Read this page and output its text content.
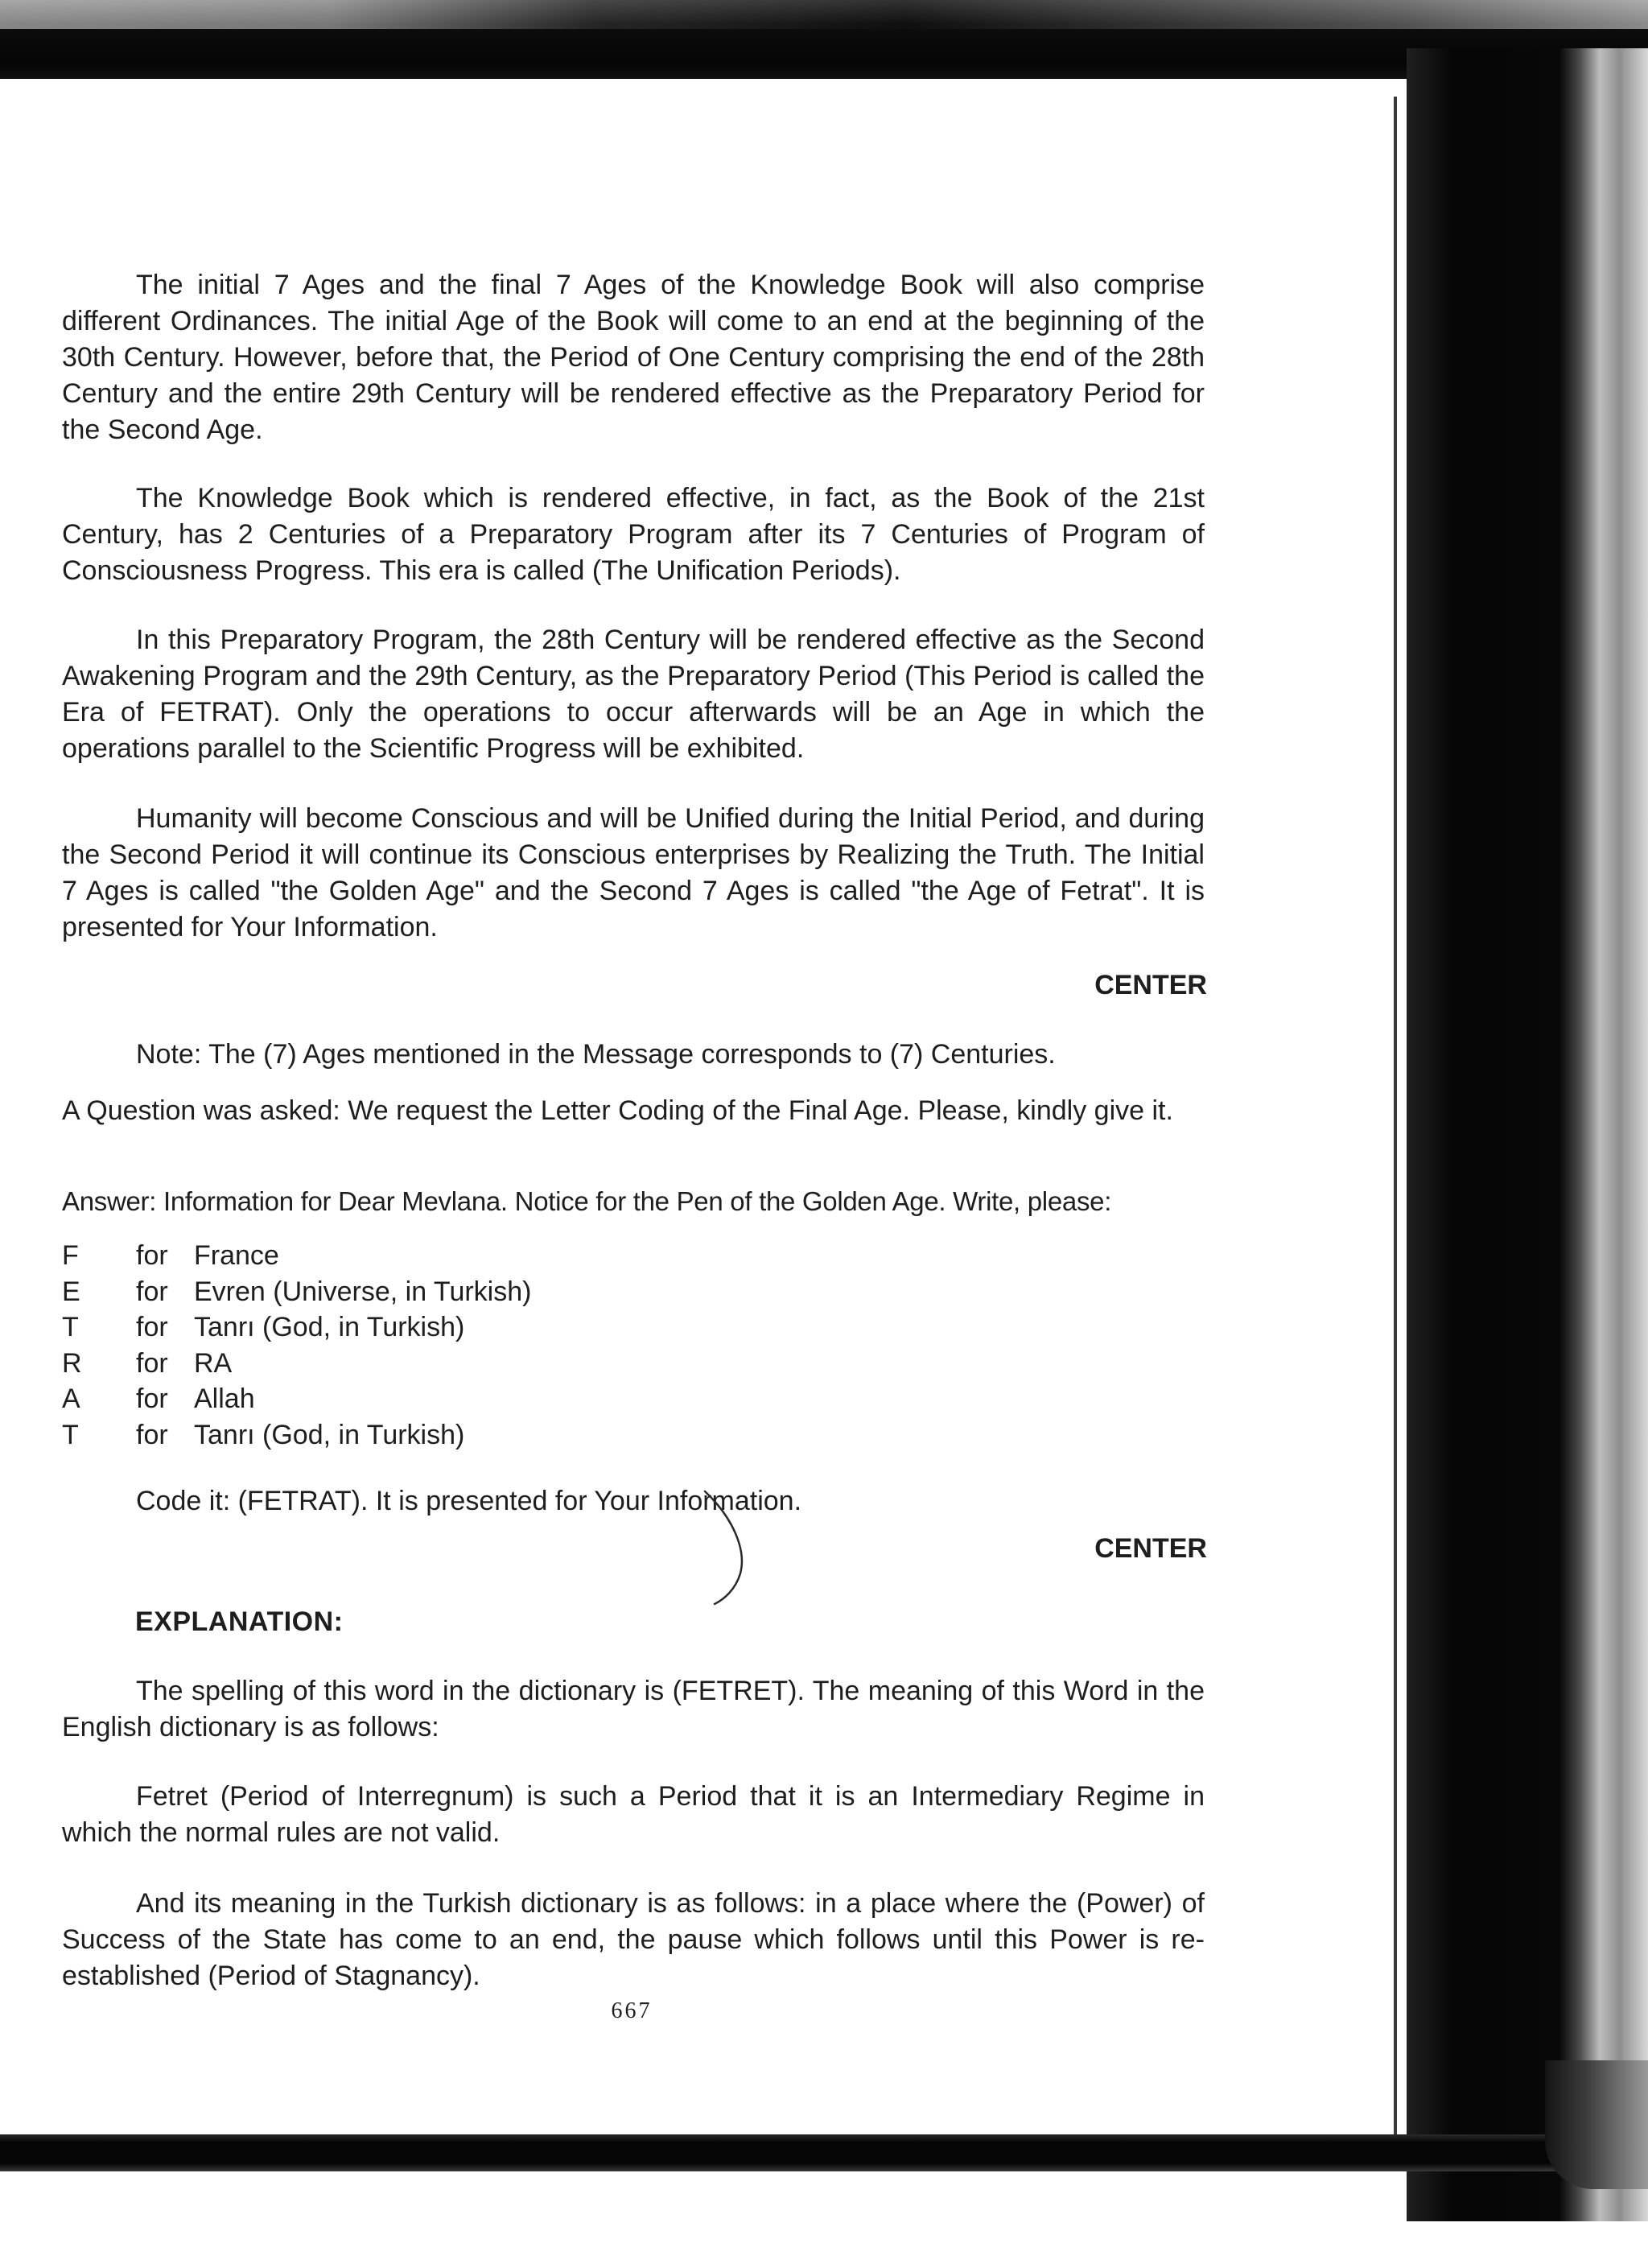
The initial 7 Ages and the final 7 Ages of the Knowledge Book will also comprise different Ordinances. The initial Age of the Book will come to an end at the beginning of the 30th Century. However, before that, the Period of One Century comprising the end of the 28th Century and the entire 29th Century will be rendered effective as the Preparatory Period for the Second Age.

The Knowledge Book which is rendered effective, in fact, as the Book of the 21st Century, has 2 Centuries of a Preparatory Program after its 7 Centuries of Program of Consciousness Progress. This era is called (The Unification Periods).

In this Preparatory Program, the 28th Century will be rendered effective as the Second Awakening Program and the 29th Century, as the Preparatory Period (This Period is called the Era of FETRAT). Only the operations to occur afterwards will be an Age in which the operations parallel to the Scientific Progress will be exhibited.

Humanity will become Conscious and will be Unified during the Initial Period, and during the Second Period it will continue its Conscious enterprises by Realizing the Truth. The Initial 7 Ages is called "the Golden Age" and the Second 7 Ages is called "the Age of Fetrat". It is presented for Your Information.

CENTER

Note: The (7) Ages mentioned in the Message corresponds to (7) Centuries.

A Question was asked: We request the Letter Coding of the Final Age. Please, kindly give it.

Answer: Information for Dear Mevlana. Notice for the Pen of the Golden Age. Write, please:

F	for France
E	for Evren (Universe, in Turkish)
T	for Tanrı (God, in Turkish)
R	for RA
A	for Allah
T	for Tanrı (God, in Turkish)

Code it: (FETRAT). It is presented for Your Information.

CENTER

EXPLANATION:

The spelling of this word in the dictionary is (FETRET). The meaning of this Word in the English dictionary is as follows:

Fetret (Period of Interregnum) is such a Period that it is an Intermediary Regime in which the normal rules are not valid.

And its meaning in the Turkish dictionary is as follows: in a place where the (Power) of Success of the State has come to an end, the pause which follows until this Power is re-established (Period of Stagnancy).

667
